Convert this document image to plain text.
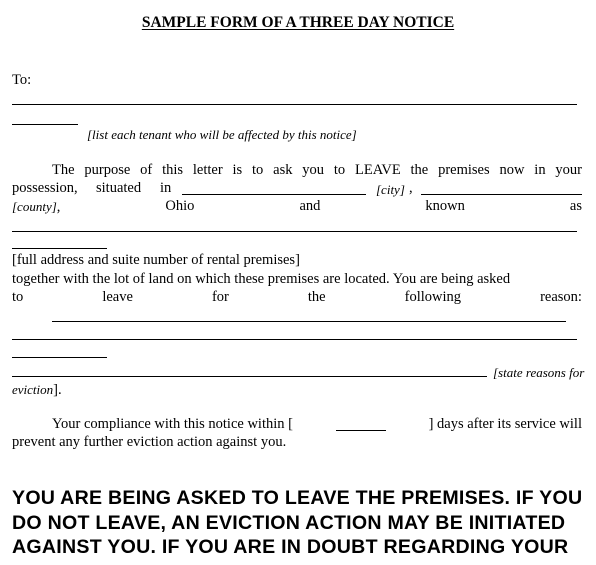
SAMPLE FORM OF A THREE DAY NOTICE
To:
[list each tenant who will be affected by this notice]
The purpose of this letter is to ask you to LEAVE the premises now in your
possession, situated in	[city] ,
[county],	Ohio	and	known	as
[full address and suite number of rental premises]
together with the lot of land on which these premises are located. You are being asked
to	leave	for	the	following	reason:
[state reasons for
eviction].
Your compliance with this notice within [	] days after its service will
prevent any further eviction action against you.
YOU ARE BEING ASKED TO LEAVE THE PREMISES. IF YOU
DO NOT LEAVE, AN EVICTION ACTION MAY BE INITIATED
AGAINST YOU. IF YOU ARE IN DOUBT REGARDING YOUR
